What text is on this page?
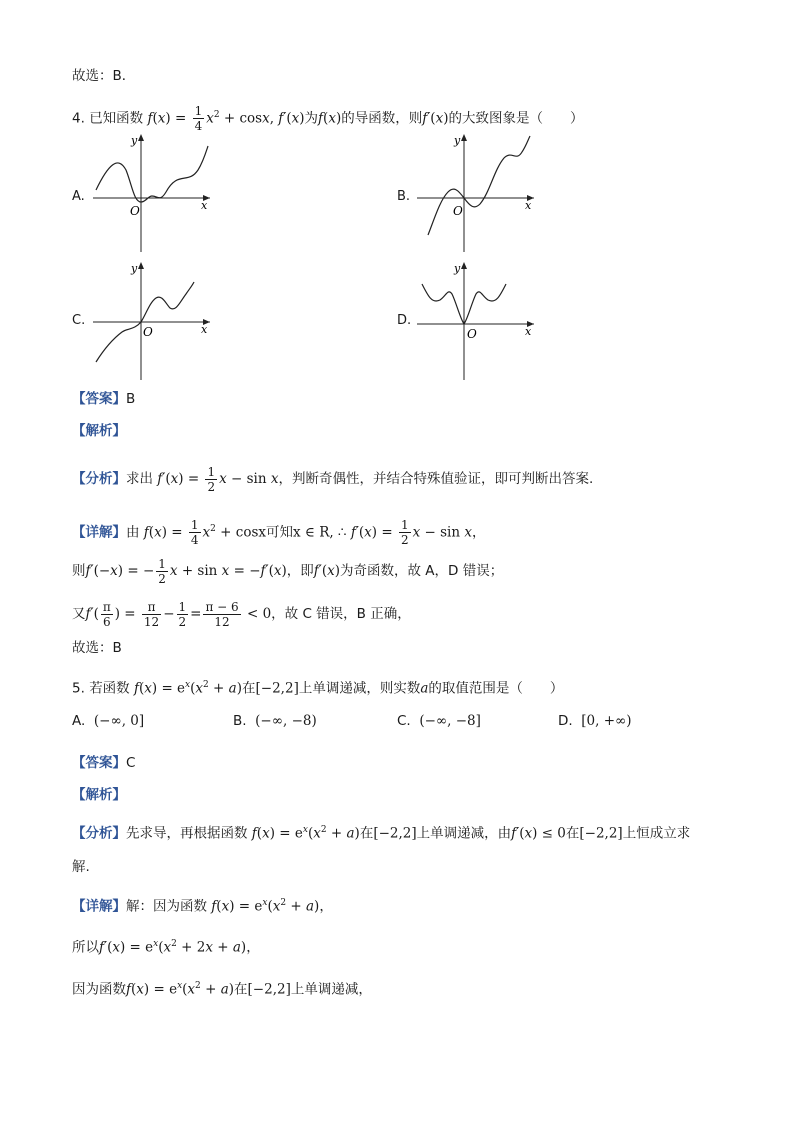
故选：B．
4. 已知函数 $f(x) = \frac{1}{4} x^2 + \cos x$, f′(x)为f(x)的导函数，则f′(x)的大致图象是（　　）
A.
x
y
O
B.
x
y
O
C.
x
y
O
D.
x
y
O
【答案】B
【解析】
【分析】求出 $f'(x) = \frac{1}{2}$ x − sin x，判断奇偶性，并结合特殊值验证，即可判断出答案.
【详解】由 $f(x) = \frac{1}{4} x^2 + \cos x$可知x ∈ R, ∴ $f'(x) = \frac{1}{2}$ x − sin x，
则f′(−x) = − $\frac{1}{2}$ x + sin x = −f′(x)，即f′(x)为奇函数，故 A，D 错误；
又$f'( \frac{\pi}{6}$ ) = $\frac{\pi}{12} - \frac{1}{2} = \frac{\pi - 6}{12} < 0$，故 C 错误，B 正确，
故选：B
5. 若函数 $f(x) = e^x(x^2 + a)$在[−2,2]上单调递减，则实数a的取值范围是（　　）
A. (−∞, 0]	B. (−∞, −8)	C. (−∞, −8]	D. [0, +∞)
【答案】C
【解析】
【分析】先求导，再根据函数 $f(x) = e^x(x^2 + a)$在[−2,2]上单调递减，由f′(x) ≤ 0在[−2,2]上恒成立求
解.
【详解】解：因为函数 $f(x) = e^x(x^2 + a)$，
所以$f'(x) = e^x(x^2 + 2x + a)$，
因为函数$f(x) = e^x(x^2 + a)$在[−2,2]上单调递减，
